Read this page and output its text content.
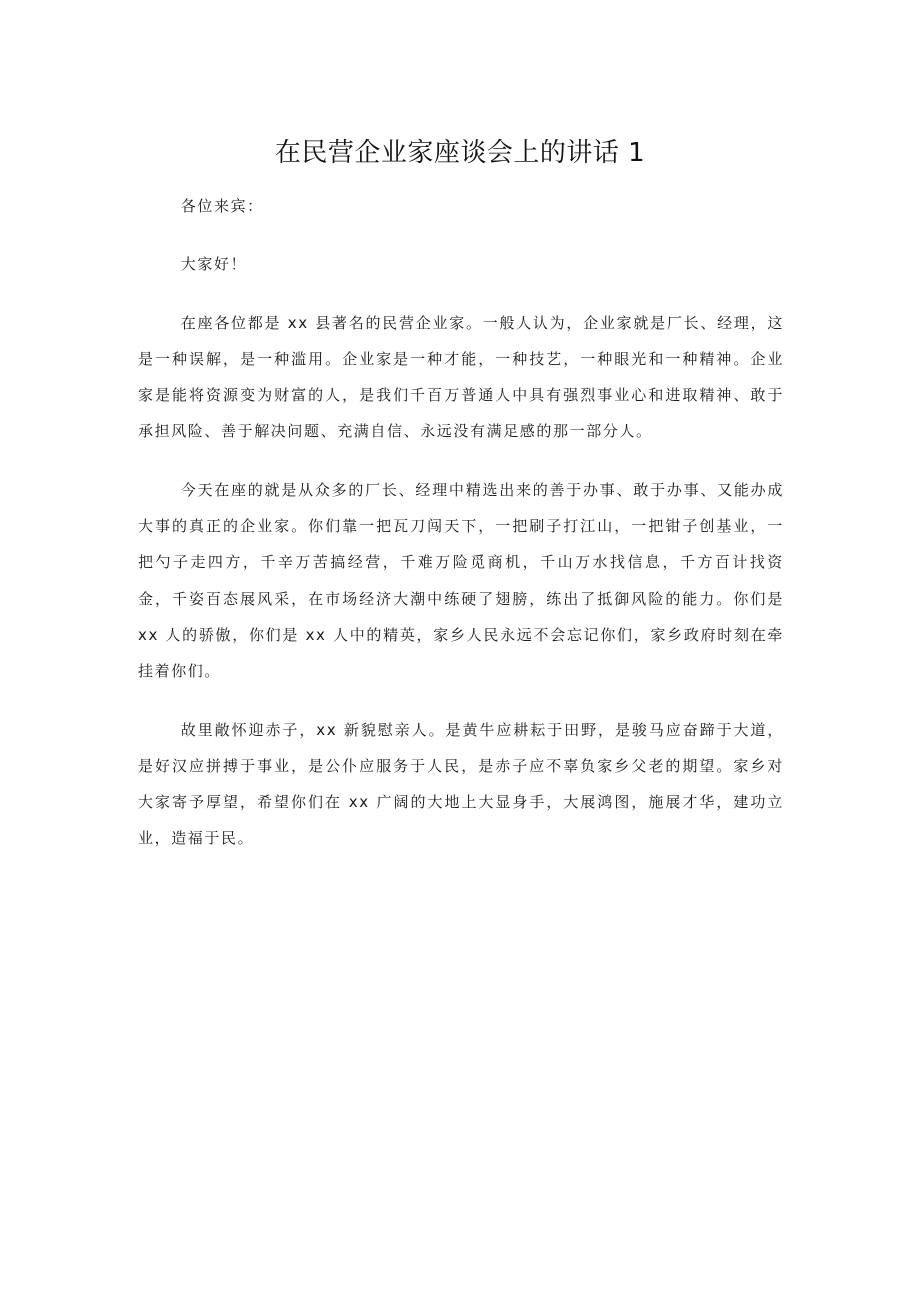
在民营企业家座谈会上的讲话 1

各位来宾：

大家好！

在座各位都是 xx 县著名的民营企业家。一般人认为，企业家就是厂长、经理，这是一种误解，是一种滥用。企业家是一种才能，一种技艺，一种眼光和一种精神。企业家是能将资源变为财富的人，是我们千百万普通人中具有强烈事业心和进取精神、敢于承担风险、善于解决问题、充满自信、永远没有满足感的那一部分人。

今天在座的就是从众多的厂长、经理中精选出来的善于办事、敢于办事、又能办成大事的真正的企业家。你们靠一把瓦刀闯天下，一把刷子打江山，一把钳子创基业，一把勺子走四方，千辛万苦搞经营，千难万险觅商机，千山万水找信息，千方百计找资金，千姿百态展风采，在市场经济大潮中练硬了翅膀，练出了抵御风险的能力。你们是 xx 人的骄傲，你们是 xx 人中的精英，家乡人民永远不会忘记你们，家乡政府时刻在牵挂着你们。

故里敞怀迎赤子，xx 新貌慰亲人。是黄牛应耕耘于田野，是骏马应奋蹄于大道，是好汉应拼搏于事业，是公仆应服务于人民，是赤子应不辜负家乡父老的期望。家乡对大家寄予厚望，希望你们在 xx 广阔的大地上大显身手，大展鸿图，施展才华，建功立业，造福于民。
